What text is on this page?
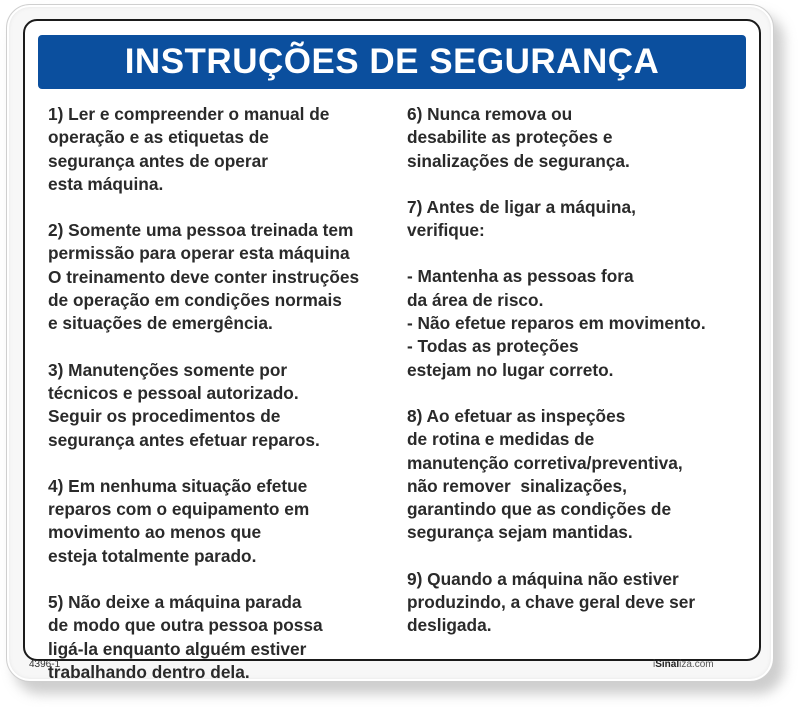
INSTRUÇÕES DE SEGURANÇA
1) Ler e compreender o manual de
operação e as etiquetas de
segurança antes de operar
esta máquina.
2) Somente uma pessoa treinada tem
permissão para operar esta máquina
O treinamento deve conter instruções
de operação em condições normais
e situações de emergência.
3) Manutenções somente por
técnicos e pessoal autorizado.
Seguir os procedimentos de
segurança antes efetuar reparos.
4) Em nenhuma situação efetue
reparos com o equipamento em
movimento ao menos que
esteja totalmente parado.
5) Não deixe a máquina parada
de modo que outra pessoa possa
ligá-la enquanto alguém estiver
trabalhando dentro dela.
6) Nunca remova ou
desabilite as proteções e
sinalizações de segurança.
7) Antes de ligar a máquina,
verifique:
- Mantenha as pessoas fora
da área de risco.
- Não efetue reparos em movimento.
- Todas as proteções
estejam no lugar correto.
8) Ao efetuar as inspeções
de rotina e medidas de
manutenção corretiva/preventiva,
não remover  sinalizações,
garantindo que as condições de
segurança sejam mantidas.
9) Quando a máquina não estiver
produzindo, a chave geral deve ser
desligada.
4396-1	iSinaliza.com
